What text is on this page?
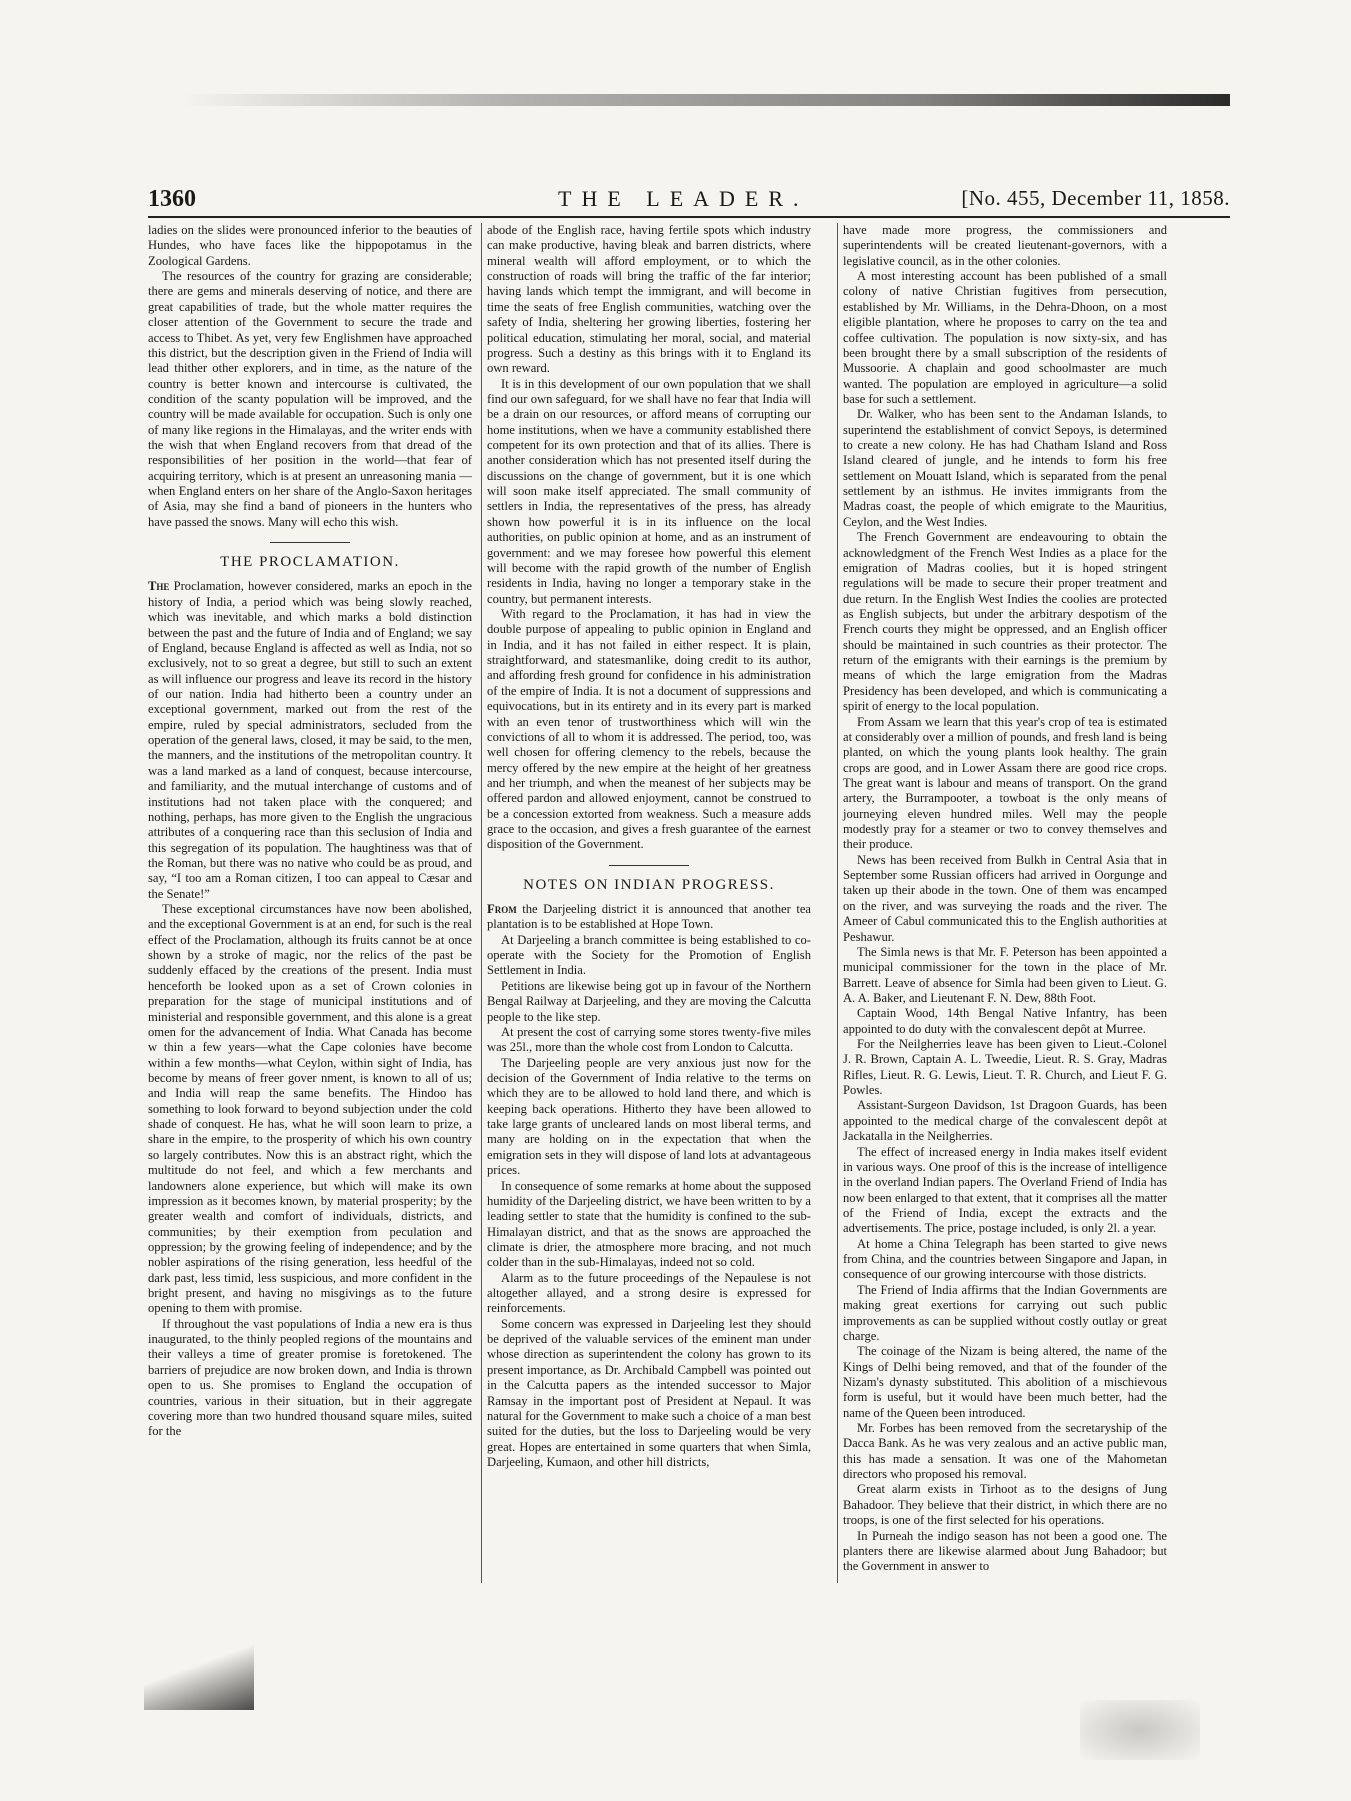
1360	THE LEADER.	[No. 455, December 11, 1858.

ladies on the slides were pronounced inferior to the beauties of Hundes, who have faces like the hippopotamus in the Zoological Gardens.

The resources of the country for grazing are considerable; there are gems and minerals deserving of notice, and there are great capabilities of trade, but the whole matter requires the closer attention of the Government to secure the trade and access to Thibet. As yet, very few Englishmen have approached this district, but the description given in the Friend of India will lead thither other explorers, and in time, as the nature of the country is better known and intercourse is cultivated, the condition of the scanty population will be improved, and the country will be made available for occupation. Such is only one of many like regions in the Himalayas, and the writer ends with the wish that when England recovers from that dread of the responsibilities of her position in the world—that fear of acquiring territory, which is at present an unreasoning mania —when England enters on her share of the Anglo-Saxon heritages of Asia, may she find a band of pioneers in the hunters who have passed the snows. Many will echo this wish.

THE PROCLAMATION.

The Proclamation, however considered, marks an epoch in the history of India, a period which was being slowly reached, which was inevitable, and which marks a bold distinction between the past and the future of India and of England; we say of England, because England is affected as well as India, not so exclusively, not to so great a degree, but still to such an extent as will influence our progress and leave its record in the history of our nation. India had hitherto been a country under an exceptional government, marked out from the rest of the empire, ruled by special administrators, secluded from the operation of the general laws, closed, it may be said, to the men, the manners, and the institutions of the metropolitan country. It was a land marked as a land of conquest, because intercourse, and familiarity, and the mutual interchange of customs and of institutions had not taken place with the conquered; and nothing, perhaps, has more given to the English the ungracious attributes of a conquering race than this seclusion of India and this segregation of its population. The haughtiness was that of the Roman, but there was no native who could be as proud, and say, “I too am a Roman citizen, I too can appeal to Cæsar and the Senate!”

These exceptional circumstances have now been abolished, and the exceptional Government is at an end, for such is the real effect of the Proclamation, although its fruits cannot be at once shown by a stroke of magic, nor the relics of the past be suddenly effaced by the creations of the present. India must henceforth be looked upon as a set of Crown colonies in preparation for the stage of municipal institutions and of ministerial and responsible government, and this alone is a great omen for the advancement of India. What Canada has become w thin a few years—what the Cape colonies have become within a few months—what Ceylon, within sight of India, has become by means of freer gover nment, is known to all of us; and India will reap the same benefits. The Hindoo has something to look forward to beyond subjection under the cold shade of conquest. He has, what he will soon learn to prize, a share in the empire, to the prosperity of which his own country so largely contributes. Now this is an abstract right, which the multitude do not feel, and which a few merchants and landowners alone experience, but which will make its own impression as it becomes known, by material prosperity; by the greater wealth and comfort of individuals, districts, and communities; by their exemption from peculation and oppression; by the growing feeling of independence; and by the nobler aspirations of the rising generation, less heedful of the dark past, less timid, less suspicious, and more confident in the bright present, and having no misgivings as to the future opening to them with promise.

If throughout the vast populations of India a new era is thus inaugurated, to the thinly peopled regions of the mountains and their valleys a time of greater promise is foretokened. The barriers of prejudice are now broken down, and India is thrown open to us. She promises to England the occupation of countries, various in their situation, but in their aggregate covering more than two hundred thousand square miles, suited for the

abode of the English race, having fertile spots which industry can make productive, having bleak and barren districts, where mineral wealth will afford employment, or to which the construction of roads will bring the traffic of the far interior; having lands which tempt the immigrant, and will become in time the seats of free English communities, watching over the safety of India, sheltering her growing liberties, fostering her political education, stimulating her moral, social, and material progress. Such a destiny as this brings with it to England its own reward.

It is in this development of our own population that we shall find our own safeguard, for we shall have no fear that India will be a drain on our resources, or afford means of corrupting our home institutions, when we have a community established there competent for its own protection and that of its allies. There is another consideration which has not presented itself during the discussions on the change of government, but it is one which will soon make itself appreciated. The small community of settlers in India, the representatives of the press, has already shown how powerful it is in its influence on the local authorities, on public opinion at home, and as an instrument of government: and we may foresee how powerful this element will become with the rapid growth of the number of English residents in India, having no longer a temporary stake in the country, but permanent interests.

With regard to the Proclamation, it has had in view the double purpose of appealing to public opinion in England and in India, and it has not failed in either respect. It is plain, straightforward, and statesmanlike, doing credit to its author, and affording fresh ground for confidence in his administration of the empire of India. It is not a document of suppressions and equivocations, but in its entirety and in its every part is marked with an even tenor of trustworthiness which will win the convictions of all to whom it is addressed. The period, too, was well chosen for offering clemency to the rebels, because the mercy offered by the new empire at the height of her greatness and her triumph, and when the meanest of her subjects may be offered pardon and allowed enjoyment, cannot be construed to be a concession extorted from weakness. Such a measure adds grace to the occasion, and gives a fresh guarantee of the earnest disposition of the Government.

NOTES ON INDIAN PROGRESS.

From the Darjeeling district it is announced that another tea plantation is to be established at Hope Town.

At Darjeeling a branch committee is being established to co-operate with the Society for the Promotion of English Settlement in India.

Petitions are likewise being got up in favour of the Northern Bengal Railway at Darjeeling, and they are moving the Calcutta people to the like step.

At present the cost of carrying some stores twenty-five miles was 25l., more than the whole cost from London to Calcutta.

The Darjeeling people are very anxious just now for the decision of the Government of India relative to the terms on which they are to be allowed to hold land there, and which is keeping back operations. Hitherto they have been allowed to take large grants of uncleared lands on most liberal terms, and many are holding on in the expectation that when the emigration sets in they will dispose of land lots at advantageous prices.

In consequence of some remarks at home about the supposed humidity of the Darjeeling district, we have been written to by a leading settler to state that the humidity is confined to the sub-Himalayan district, and that as the snows are approached the climate is drier, the atmosphere more bracing, and not much colder than in the sub-Himalayas, indeed not so cold.

Alarm as to the future proceedings of the Nepaulese is not altogether allayed, and a strong desire is expressed for reinforcements.

Some concern was expressed in Darjeeling lest they should be deprived of the valuable services of the eminent man under whose direction as superintendent the colony has grown to its present importance, as Dr. Archibald Campbell was pointed out in the Calcutta papers as the intended successor to Major Ramsay in the important post of President at Nepaul. It was natural for the Government to make such a choice of a man best suited for the duties, but the loss to Darjeeling would be very great. Hopes are entertained in some quarters that when Simla, Darjeeling, Kumaon, and other hill districts,

have made more progress, the commissioners and superintendents will be created lieutenant-governors, with a legislative council, as in the other colonies.

A most interesting account has been published of a small colony of native Christian fugitives from persecution, established by Mr. Williams, in the Dehra-Dhoon, on a most eligible plantation, where he proposes to carry on the tea and coffee cultivation. The population is now sixty-six, and has been brought there by a small subscription of the residents of Mussoorie. A chaplain and good schoolmaster are much wanted. The population are employed in agriculture—a solid base for such a settlement.

Dr. Walker, who has been sent to the Andaman Islands, to superintend the establishment of convict Sepoys, is determined to create a new colony. He has had Chatham Island and Ross Island cleared of jungle, and he intends to form his free settlement on Mouatt Island, which is separated from the penal settlement by an isthmus. He invites immigrants from the Madras coast, the people of which emigrate to the Mauritius, Ceylon, and the West Indies.

The French Government are endeavouring to obtain the acknowledgment of the French West Indies as a place for the emigration of Madras coolies, but it is hoped stringent regulations will be made to secure their proper treatment and due return. In the English West Indies the coolies are protected as English subjects, but under the arbitrary despotism of the French courts they might be oppressed, and an English officer should be maintained in such countries as their protector. The return of the emigrants with their earnings is the premium by means of which the large emigration from the Madras Presidency has been developed, and which is communicating a spirit of energy to the local population.

From Assam we learn that this year's crop of tea is estimated at considerably over a million of pounds, and fresh land is being planted, on which the young plants look healthy. The grain crops are good, and in Lower Assam there are good rice crops. The great want is labour and means of transport. On the grand artery, the Burrampooter, a towboat is the only means of journeying eleven hundred miles. Well may the people modestly pray for a steamer or two to convey themselves and their produce.

News has been received from Bulkh in Central Asia that in September some Russian officers had arrived in Oorgunge and taken up their abode in the town. One of them was encamped on the river, and was surveying the roads and the river. The Ameer of Cabul communicated this to the English authorities at Peshawur.

The Simla news is that Mr. F. Peterson has been appointed a municipal commissioner for the town in the place of Mr. Barrett. Leave of absence for Simla had been given to Lieut. G. A. A. Baker, and Lieutenant F. N. Dew, 88th Foot.

Captain Wood, 14th Bengal Native Infantry, has been appointed to do duty with the convalescent depôt at Murree.

For the Neilgherries leave has been given to Lieut.-Colonel J. R. Brown, Captain A. L. Tweedie, Lieut. R. S. Gray, Madras Rifles, Lieut. R. G. Lewis, Lieut. T. R. Church, and Lieut F. G. Powles.

Assistant-Surgeon Davidson, 1st Dragoon Guards, has been appointed to the medical charge of the convalescent depôt at Jackatalla in the Neilgherries.

The effect of increased energy in India makes itself evident in various ways. One proof of this is the increase of intelligence in the overland Indian papers. The Overland Friend of India has now been enlarged to that extent, that it comprises all the matter of the Friend of India, except the extracts and the advertisements. The price, postage included, is only 2l. a year.

At home a China Telegraph has been started to give news from China, and the countries between Singapore and Japan, in consequence of our growing intercourse with those districts.

The Friend of India affirms that the Indian Governments are making great exertions for carrying out such public improvements as can be supplied without costly outlay or great charge.

The coinage of the Nizam is being altered, the name of the Kings of Delhi being removed, and that of the founder of the Nizam's dynasty substituted. This abolition of a mischievous form is useful, but it would have been much better, had the name of the Queen been introduced.

Mr. Forbes has been removed from the secretaryship of the Dacca Bank. As he was very zealous and an active public man, this has made a sensation. It was one of the Mahometan directors who proposed his removal.

Great alarm exists in Tirhoot as to the designs of Jung Bahadoor. They believe that their district, in which there are no troops, is one of the first selected for his operations.

In Purneah the indigo season has not been a good one. The planters there are likewise alarmed about Jung Bahadoor; but the Government in answer to
